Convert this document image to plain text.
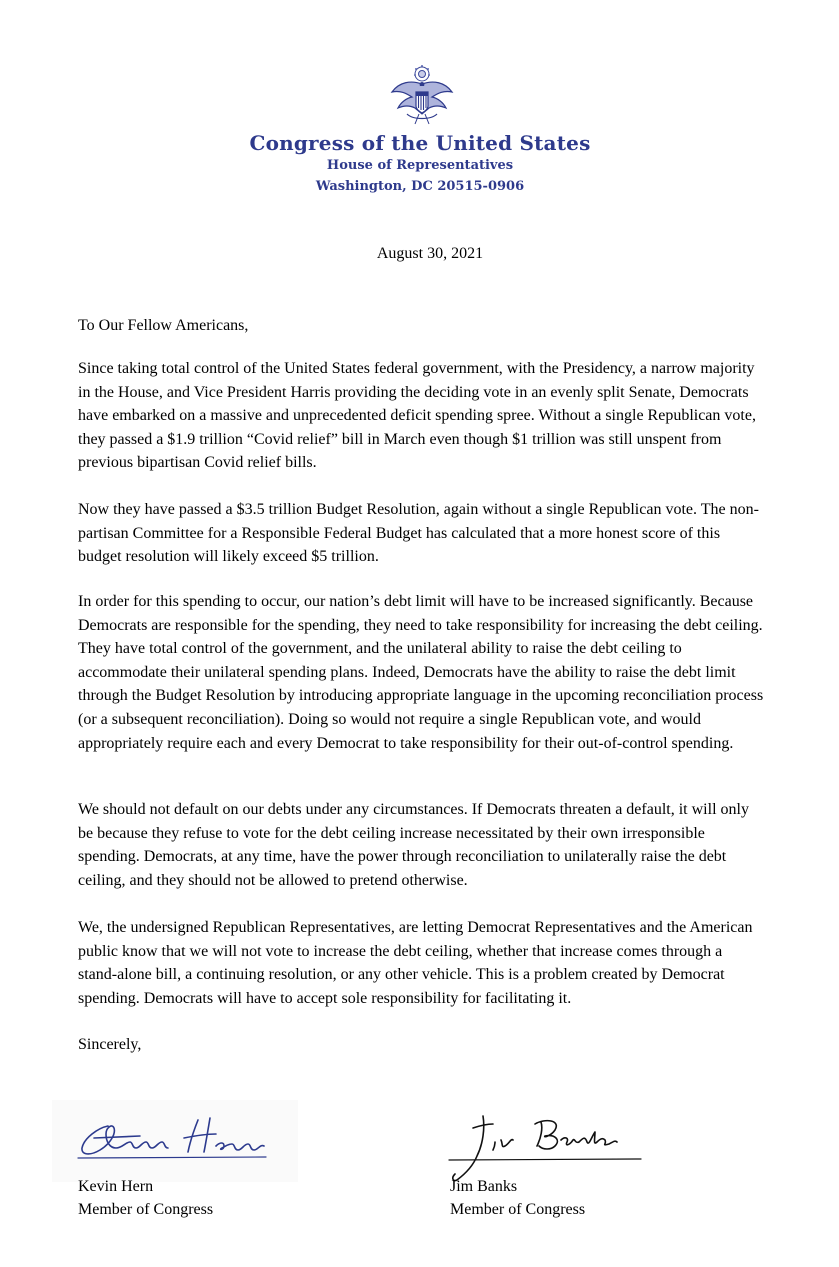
Congress of the United States
House of Representatives
Washington, DC 20515-0906
August 30, 2021
To Our Fellow Americans,
Since taking total control of the United States federal government, with the Presidency, a narrow majority in the House, and Vice President Harris providing the deciding vote in an evenly split Senate, Democrats have embarked on a massive and unprecedented deficit spending spree. Without a single Republican vote, they passed a $1.9 trillion “Covid relief” bill in March even though $1 trillion was still unspent from previous bipartisan Covid relief bills.
Now they have passed a $3.5 trillion Budget Resolution, again without a single Republican vote. The non-partisan Committee for a Responsible Federal Budget has calculated that a more honest score of this budget resolution will likely exceed $5 trillion.
In order for this spending to occur, our nation’s debt limit will have to be increased significantly. Because Democrats are responsible for the spending, they need to take responsibility for increasing the debt ceiling. They have total control of the government, and the unilateral ability to raise the debt ceiling to accommodate their unilateral spending plans. Indeed, Democrats have the ability to raise the debt limit through the Budget Resolution by introducing appropriate language in the upcoming reconciliation process (or a subsequent reconciliation). Doing so would not require a single Republican vote, and would appropriately require each and every Democrat to take responsibility for their out-of-control spending.
We should not default on our debts under any circumstances. If Democrats threaten a default, it will only be because they refuse to vote for the debt ceiling increase necessitated by their own irresponsible spending. Democrats, at any time, have the power through reconciliation to unilaterally raise the debt ceiling, and they should not be allowed to pretend otherwise.
We, the undersigned Republican Representatives, are letting Democrat Representatives and the American public know that we will not vote to increase the debt ceiling, whether that increase comes through a stand-alone bill, a continuing resolution, or any other vehicle. This is a problem created by Democrat spending. Democrats will have to accept sole responsibility for facilitating it.
Sincerely,
Kevin Hern
Member of Congress
Jim Banks
Member of Congress
